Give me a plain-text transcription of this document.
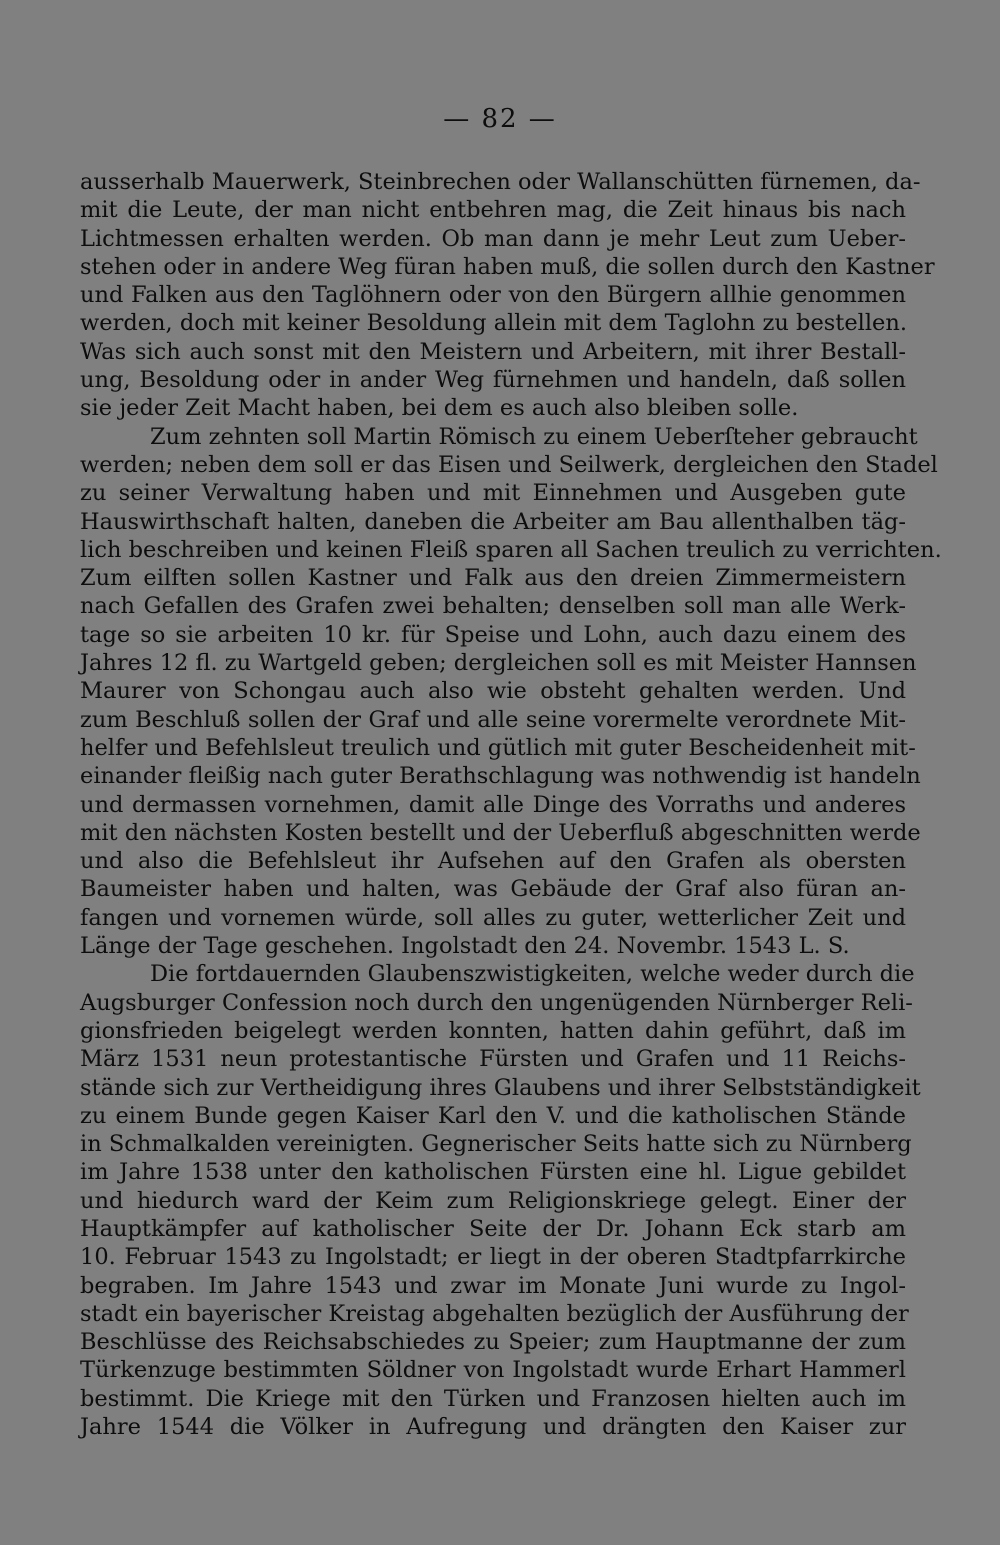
— 82 —
ausserhalb Mauerwerk, Steinbrechen oder Wallanschütten fürnemen, da-
mit die Leute, der man nicht entbehren mag, die Zeit hinaus bis nach
Lichtmessen erhalten werden. Ob man dann je mehr Leut zum Ueber-
stehen oder in andere Weg füran haben muß, die sollen durch den Kastner
und Falken aus den Taglöhnern oder von den Bürgern allhie genommen
werden, doch mit keiner Besoldung allein mit dem Taglohn zu bestellen.
Was sich auch sonst mit den Meistern und Arbeitern, mit ihrer Bestall-
ung, Besoldung oder in ander Weg fürnehmen und handeln, daß sollen
sie jeder Zeit Macht haben, bei dem es auch also bleiben solle.
Zum zehnten soll Martin Römisch zu einem Ueberſteher gebraucht
werden; neben dem soll er das Eisen und Seilwerk, dergleichen den Stadel
zu seiner Verwaltung haben und mit Einnehmen und Ausgeben gute
Hauswirthschaft halten, daneben die Arbeiter am Bau allenthalben täg-
lich beschreiben und keinen Fleiß sparen all Sachen treulich zu verrichten.
Zum eilften sollen Kastner und Falk aus den dreien Zimmermeistern
nach Gefallen des Grafen zwei behalten; denselben soll man alle Werk-
tage so sie arbeiten 10 kr. für Speise und Lohn, auch dazu einem des
Jahres 12 fl. zu Wartgeld geben; dergleichen soll es mit Meister Hannsen
Maurer von Schongau auch also wie obsteht gehalten werden. Und
zum Beschluß sollen der Graf und alle seine vorermelte verordnete Mit-
helfer und Befehlsleut treulich und gütlich mit guter Bescheidenheit mit-
einander fleißig nach guter Berathschlagung was nothwendig ist handeln
und dermassen vornehmen, damit alle Dinge des Vorraths und anderes
mit den nächsten Kosten bestellt und der Ueberfluß abgeschnitten werde
und also die Befehlsleut ihr Aufsehen auf den Grafen als obersten
Baumeister haben und halten, was Gebäude der Graf also füran an-
fangen und vornemen würde, soll alles zu guter, wetterlicher Zeit und
Länge der Tage geschehen. Ingolstadt den 24. Novembr. 1543 L. S.
Die fortdauernden Glaubenszwistigkeiten, welche weder durch die
Augsburger Confession noch durch den ungenügenden Nürnberger Reli-
gionsfrieden beigelegt werden konnten, hatten dahin geführt, daß im
März 1531 neun protestantische Fürsten und Grafen und 11 Reichs-
stände sich zur Vertheidigung ihres Glaubens und ihrer Selbstständigkeit
zu einem Bunde gegen Kaiser Karl den V. und die katholischen Stände
in Schmalkalden vereinigten. Gegnerischer Seits hatte sich zu Nürnberg
im Jahre 1538 unter den katholischen Fürsten eine hl. Ligue gebildet
und hiedurch ward der Keim zum Religionskriege gelegt. Einer der
Hauptkämpfer auf katholischer Seite der Dr. Johann Eck starb am
10. Februar 1543 zu Ingolstadt; er liegt in der oberen Stadtpfarrkirche
begraben. Im Jahre 1543 und zwar im Monate Juni wurde zu Ingol-
stadt ein bayerischer Kreistag abgehalten bezüglich der Ausführung der
Beschlüsse des Reichsabschiedes zu Speier; zum Hauptmanne der zum
Türkenzuge bestimmten Söldner von Ingolstadt wurde Erhart Hammerl
bestimmt. Die Kriege mit den Türken und Franzosen hielten auch im
Jahre 1544 die Völker in Aufregung und drängten den Kaiser zur
